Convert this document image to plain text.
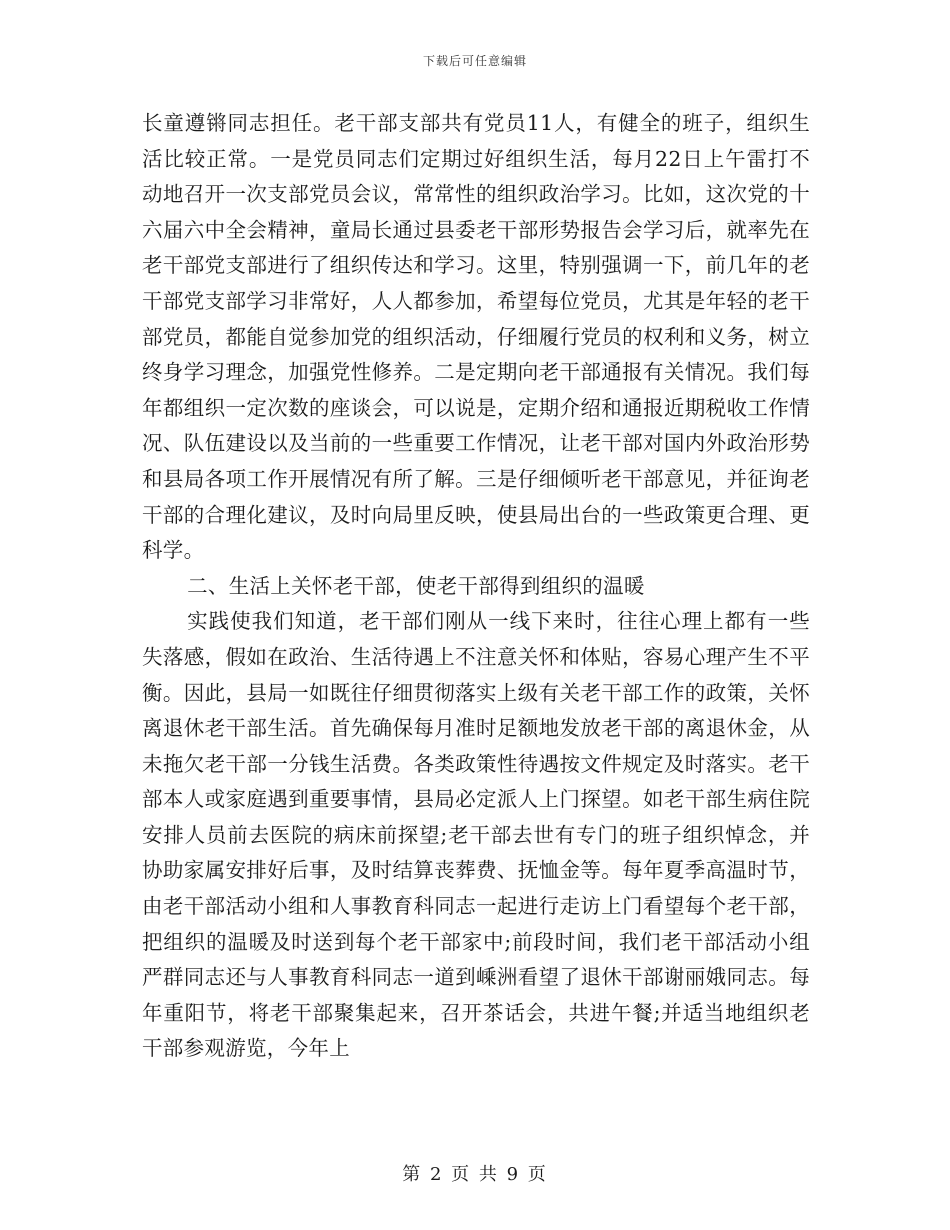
下载后可任意编辑

长童遵锵同志担任。老干部支部共有党员11人，有健全的班子，组织生活比较正常。一是党员同志们定期过好组织生活，每月22日上午雷打不动地召开一次支部党员会议，常常性的组织政治学习。比如，这次党的十六届六中全会精神，童局长通过县委老干部形势报告会学习后，就率先在老干部党支部进行了组织传达和学习。这里，特别强调一下，前几年的老干部党支部学习非常好，人人都参加，希望每位党员，尤其是年轻的老干部党员，都能自觉参加党的组织活动，仔细履行党员的权利和义务，树立终身学习理念，加强党性修养。二是定期向老干部通报有关情况。我们每年都组织一定次数的座谈会，可以说是，定期介绍和通报近期税收工作情况、队伍建设以及当前的一些重要工作情况，让老干部对国内外政治形势和县局各项工作开展情况有所了解。三是仔细倾听老干部意见，并征询老干部的合理化建议，及时向局里反映，使县局出台的一些政策更合理、更科学。

二、生活上关怀老干部，使老干部得到组织的温暖

实践使我们知道，老干部们刚从一线下来时，往往心理上都有一些失落感，假如在政治、生活待遇上不注意关怀和体贴，容易心理产生不平衡。因此，县局一如既往仔细贯彻落实上级有关老干部工作的政策，关怀离退休老干部生活。首先确保每月准时足额地发放老干部的离退休金，从未拖欠老干部一分钱生活费。各类政策性待遇按文件规定及时落实。老干部本人或家庭遇到重要事情，县局必定派人上门探望。如老干部生病住院安排人员前去医院的病床前探望;老干部去世有专门的班子组织悼念，并协助家属安排好后事，及时结算丧葬费、抚恤金等。每年夏季高温时节，由老干部活动小组和人事教育科同志一起进行走访上门看望每个老干部，把组织的温暖及时送到每个老干部家中;前段时间，我们老干部活动小组严群同志还与人事教育科同志一道到嵊洲看望了退休干部谢丽娥同志。每年重阳节，将老干部聚集起来，召开茶话会，共进午餐;并适当地组织老干部参观游览，今年上

第 2 页 共 9 页
